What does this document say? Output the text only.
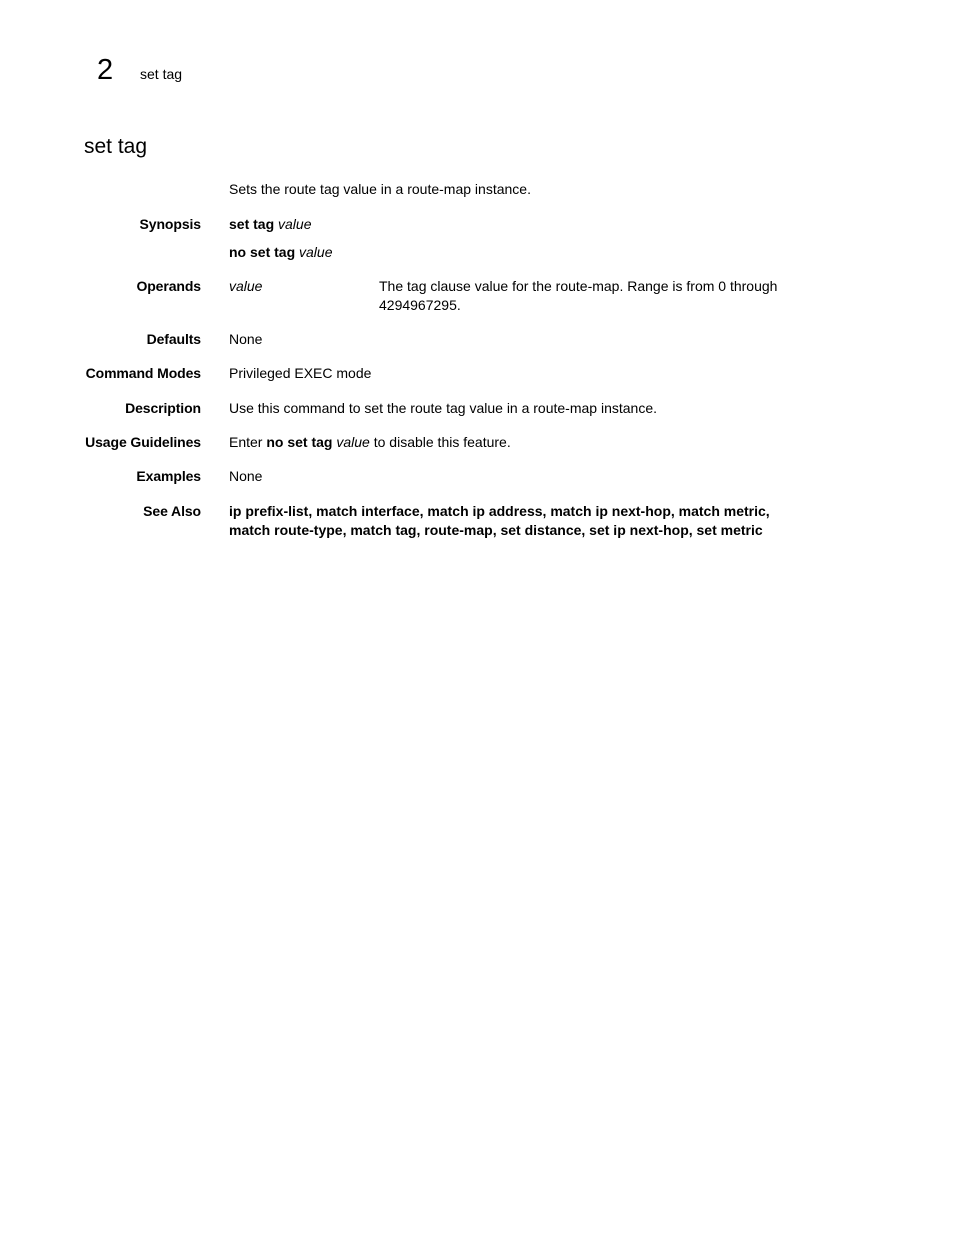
2 set tag
set tag
Sets the route tag value in a route-map instance.
Synopsis set tag value
no set tag value
Operands value	The tag clause value for the route-map. Range is from 0 through 4294967295.
Defaults None
Command Modes Privileged EXEC mode
Description Use this command to set the route tag value in a route-map instance.
Usage Guidelines Enter no set tag value to disable this feature.
Examples None
See Also ip prefix-list, match interface, match ip address, match ip next-hop, match metric, match route-type, match tag, route-map, set distance, set ip next-hop, set metric
